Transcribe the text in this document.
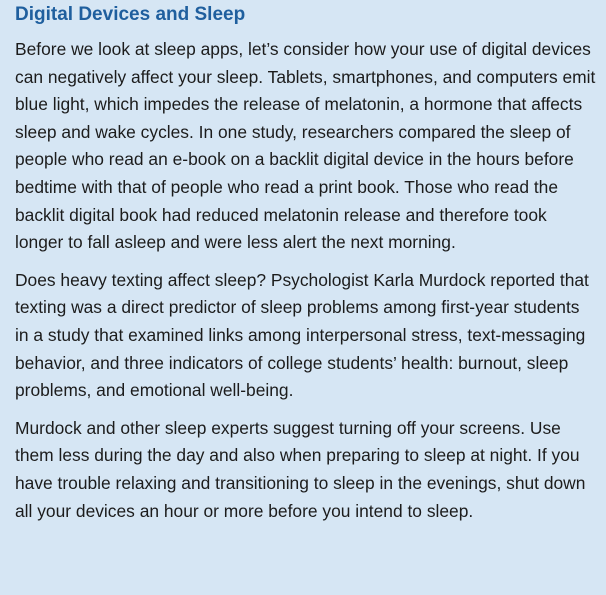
Digital Devices and Sleep

Before we look at sleep apps, let’s consider how your use of digital devices can negatively affect your sleep. Tablets, smartphones, and computers emit blue light, which impedes the release of melatonin, a hormone that affects sleep and wake cycles. In one study, researchers compared the sleep of people who read an e-book on a backlit digital device in the hours before bedtime with that of people who read a print book. Those who read the backlit digital book had reduced melatonin release and therefore took longer to fall asleep and were less alert the next morning.

Does heavy texting affect sleep? Psychologist Karla Murdock reported that texting was a direct predictor of sleep problems among first-year students in a study that examined links among interpersonal stress, text-messaging behavior, and three indicators of college students’ health: burnout, sleep problems, and emotional well-being.

Murdock and other sleep experts suggest turning off your screens. Use them less during the day and also when preparing to sleep at night. If you have trouble relaxing and transitioning to sleep in the evenings, shut down all your devices an hour or more before you intend to sleep.
